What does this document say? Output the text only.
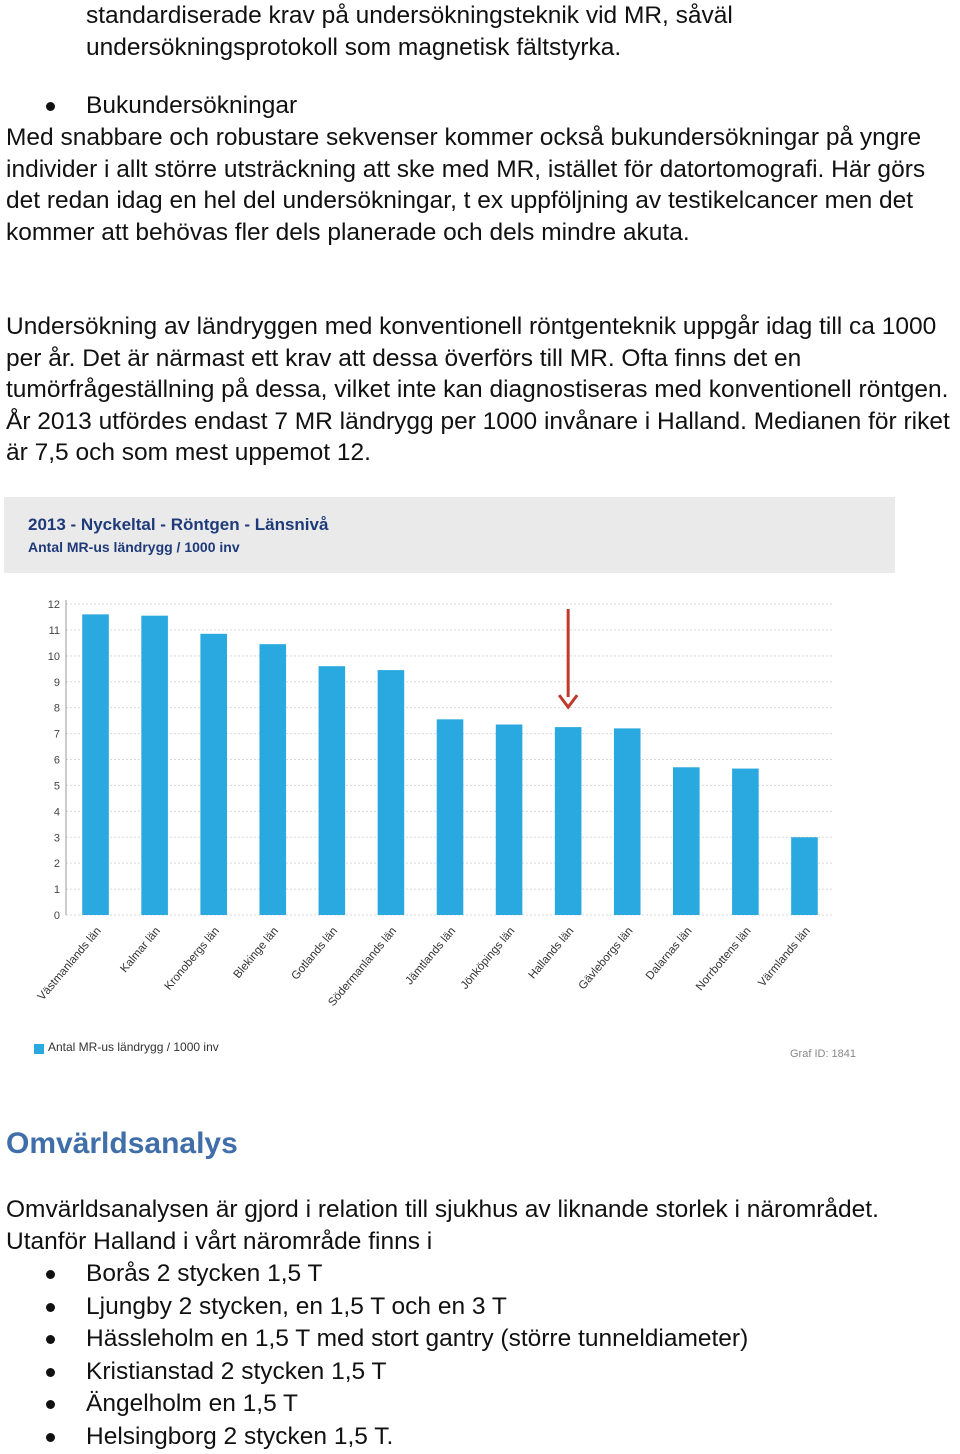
standardiserade krav på undersökningsteknik vid MR, såväl
undersökningsprotokoll som magnetisk fältstyrka.

Bukundersökningar

Med snabbare och robustare sekvenser kommer också bukundersökningar på yngre individer i allt större utsträckning att ske med MR, istället för datortomografi. Här görs det redan idag en hel del undersökningar, t ex uppföljning av testikelcancer men det kommer att behövas fler dels planerade och dels mindre akuta.

Undersökning av ländryggen med konventionell röntgenteknik uppgår idag till ca 1000 per år. Det är närmast ett krav att dessa överförs till MR. Ofta finns det en tumörfrågeställning på dessa, vilket inte kan diagnostiseras med konventionell röntgen. År 2013 utfördes endast 7 MR ländrygg per 1000 invånare i Halland. Medianen för riket är 7,5 och som mest uppemot 12.

2013 - Nyckeltal - Röntgen - Länsnivå
Antal MR-us ländrygg / 1000 inv
0
1
2
3
4
5
6
7
8
9
10
11
12
Västmanlands län Kalmar län Kronobergs län Blekinge län Gotlands län
Södermanlands län Jämtlands län Jönköpings län Hallands län Gävleborgs län Dalarnas län Norrbottens län Värmlands län
Antal MR-us ländrygg / 1000 inv	Graf ID: 1841
Omvärldsanalys

Omvärldsanalysen är gjord i relation till sjukhus av liknande storlek i närområdet. Utanför Halland i vårt närområde finns i

Borås 2 stycken 1,5 T
Ljungby 2 stycken, en 1,5 T och en 3 T
Hässleholm en 1,5 T med stort gantry (större tunneldiameter)
Kristianstad 2 stycken 1,5 T
Ängelholm en 1,5 T
Helsingborg 2 stycken 1,5 T.
